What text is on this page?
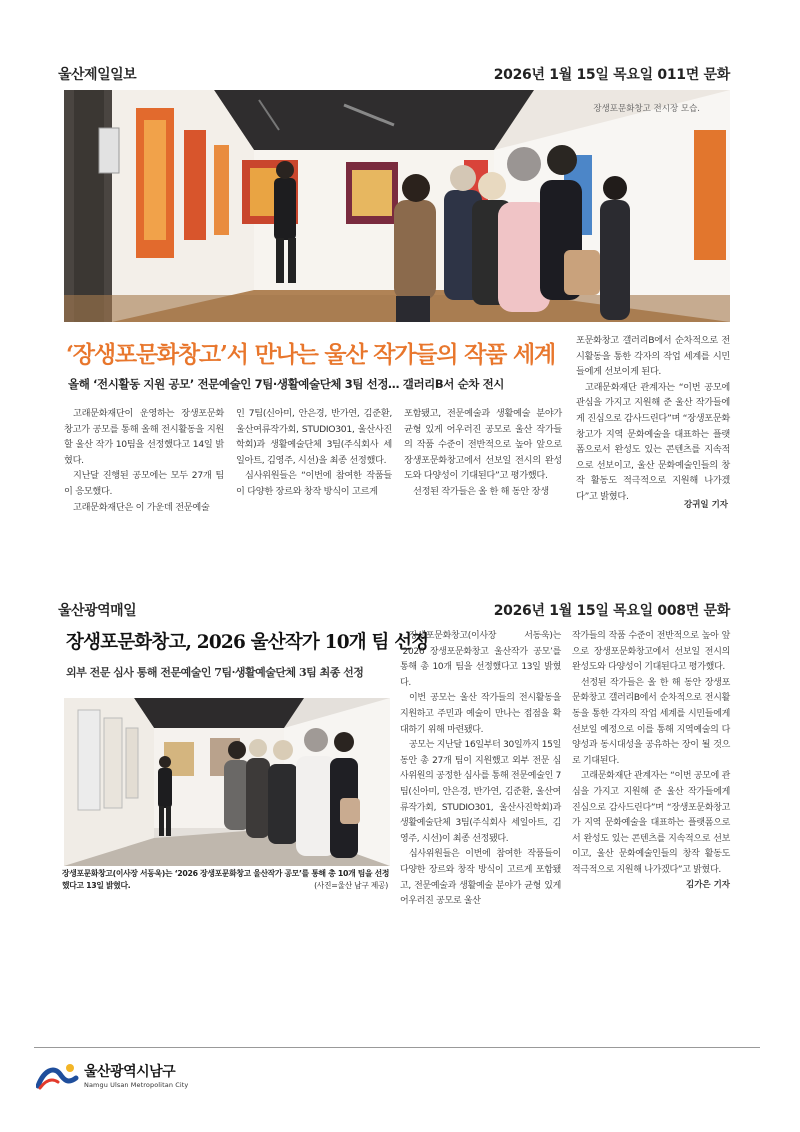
울산제일일보	2026년 1월 15일 목요일 011면 문화
장생포문화창고 전시장 모습.
‘장생포문화창고’서 만나는 울산 작가들의 작품 세계
올해 ‘전시활동 지원 공모’ 전문예술인 7팀·생활예술단체 3팀 선정… 갤러리B서 순차 전시

고래문화재단이 운영하는 장생포문화창고가 공모를 통해 올해 전시활동을 지원할 울산 작가 10팀을 선정했다고 14일 밝혔다.

지난달 진행된 공모에는 모두 27개 팀이 응모했다.

고래문화재단은 이 가운데 전문예술

인 7팀(신아미, 안은경, 반가연, 김준환, 울산여류작가회, STUDIO301, 울산사진학회)과 생활예술단체 3팀(주식회사 세일아트, 김영주, 시선)을 최종 선정했다.

심사위원들은 “이번에 참여한 작품들이 다양한 장르와 창작 방식이 고르게

포함됐고, 전문예술과 생활예술 분야가 균형 있게 어우러진 공모로 울산 작가들의 작품 수준이 전반적으로 높아 앞으로 장생포문화창고에서 선보일 전시의 완성도와 다양성이 기대된다”고 평가했다.

선정된 작가들은 올 한 해 동안 장생

포문화창고 갤러리B에서 순차적으로 전시활동을 통한 각자의 작업 세계를 시민들에게 선보이게 된다.

고래문화재단 관계자는 “이번 공모에 관심을 가지고 지원해 준 울산 작가들에게 진심으로 감사드린다”며 “장생포문화창고가 지역 문화예술을 대표하는 플랫폼으로서 완성도 있는 콘텐츠를 지속적으로 선보이고, 울산 문화예술인들의 창작 활동도 적극적으로 지원해 나가겠다”고 밝혔다.

강귀일 기자
울산광역매일	2026년 1월 15일 목요일 008면 문화
장생포문화창고, 2026 울산작가 10개 팀 선정
외부 전문 심사 통해 전문예술인 7팀·생활예술단체 3팀 최종 선정
장생포문화창고(이사장 서동욱)는 ‘2026 장생포문화창고 울산작가 공모’를 통해 총 10개 팀을 선정했다고 13일 밝혔다.	(사진=울산 남구 제공)

장생포문화창고(이사장 서동욱)는 ‘2026 장생포문화창고 울산작가 공모’를 통해 총 10개 팀을 선정했다고 13일 밝혔다.

이번 공모는 울산 작가들의 전시활동을 지원하고 주민과 예술이 만나는 접점을 확대하기 위해 마련됐다.

공모는 지난달 16일부터 30일까지 15일 동안 총 27개 팀이 지원했고 외부 전문 심사위원의 공정한 심사를 통해 전문예술인 7팀(신아미, 안은경, 반가연, 김준환, 울산여류작가회, STUDIO301, 울산사진학회)과 생활예술단체 3팀(주식회사 세일아트, 김영주, 시선)이 최종 선정됐다.

심사위원들은 이번에 참여한 작품들이 다양한 장르와 창작 방식이 고르게 포함됐고, 전문예술과 생활예술 분야가 균형 있게 어우러진 공모로 울산

작가들의 작품 수준이 전반적으로 높아 앞으로 장생포문화창고에서 선보일 전시의 완성도와 다양성이 기대된다고 평가했다.

선정된 작가들은 올 한 해 동안 장생포문화창고 갤러리B에서 순차적으로 전시활동을 통한 각자의 작업 세계를 시민들에게 선보일 예정으로 이를 통해 지역예술의 다양성과 동시대성을 공유하는 장이 될 것으로 기대된다.

고래문화재단 관계자는 “이번 공모에 관심을 가지고 지원해 준 울산 작가들에게 진심으로 감사드린다”며 “장생포문화창고가 지역 문화예술을 대표하는 플랫폼으로서 완성도 있는 콘텐츠를 지속적으로 선보이고, 울산 문화예술인들의 창작 활동도 적극적으로 지원해 나가겠다”고 밝혔다.

김가은 기자
울산광역시남구
Namgu Ulsan Metropolitan City
